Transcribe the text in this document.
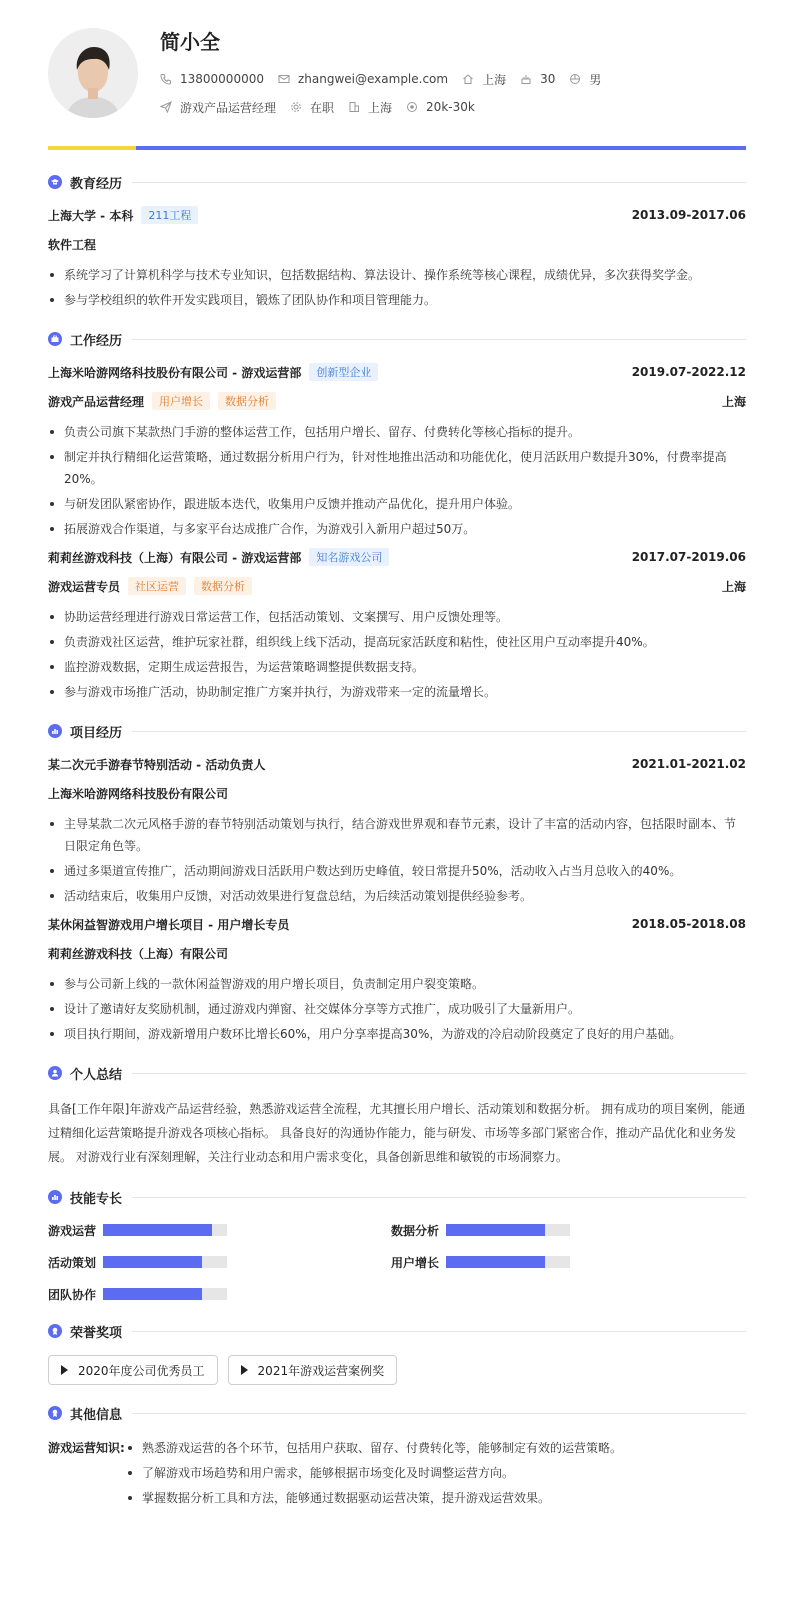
简小全
13800000000	zhangwei@example.com	上海	30	男
游戏产品运营经理	在职	上海	20k-30k
教育经历
上海大学 - 本科	211工程	2013.09-2017.06
软件工程
系统学习了计算机科学与技术专业知识，包括数据结构、算法设计、操作系统等核心课程，成绩优异，多次获得奖学金。
参与学校组织的软件开发实践项目，锻炼了团队协作和项目管理能力。
工作经历
上海米哈游网络科技股份有限公司 - 游戏运营部	创新型企业	2019.07-2022.12
游戏产品运营经理	用户增长	数据分析	上海
负责公司旗下某款热门手游的整体运营工作，包括用户增长、留存、付费转化等核心指标的提升。
制定并执行精细化运营策略，通过数据分析用户行为，针对性地推出活动和功能优化，使月活跃用户数提升30%，付费率提高20%。
与研发团队紧密协作，跟进版本迭代，收集用户反馈并推动产品优化，提升用户体验。
拓展游戏合作渠道，与多家平台达成推广合作，为游戏引入新用户超过50万。
莉莉丝游戏科技（上海）有限公司 - 游戏运营部	知名游戏公司	2017.07-2019.06
游戏运营专员	社区运营	数据分析	上海
协助运营经理进行游戏日常运营工作，包括活动策划、文案撰写、用户反馈处理等。
负责游戏社区运营，维护玩家社群，组织线上线下活动，提高玩家活跃度和粘性，使社区用户互动率提升40%。
监控游戏数据，定期生成运营报告，为运营策略调整提供数据支持。
参与游戏市场推广活动，协助制定推广方案并执行，为游戏带来一定的流量增长。
项目经历
某二次元手游春节特别活动 - 活动负责人	2021.01-2021.02
上海米哈游网络科技股份有限公司
主导某款二次元风格手游的春节特别活动策划与执行，结合游戏世界观和春节元素，设计了丰富的活动内容，包括限时副本、节日限定角色等。
通过多渠道宣传推广，活动期间游戏日活跃用户数达到历史峰值，较日常提升50%，活动收入占当月总收入的40%。
活动结束后，收集用户反馈，对活动效果进行复盘总结，为后续活动策划提供经验参考。
某休闲益智游戏用户增长项目 - 用户增长专员	2018.05-2018.08
莉莉丝游戏科技（上海）有限公司
参与公司新上线的一款休闲益智游戏的用户增长项目，负责制定用户裂变策略。
设计了邀请好友奖励机制，通过游戏内弹窗、社交媒体分享等方式推广，成功吸引了大量新用户。
项目执行期间，游戏新增用户数环比增长60%，用户分享率提高30%，为游戏的冷启动阶段奠定了良好的用户基础。
个人总结
具备[工作年限]年游戏产品运营经验，熟悉游戏运营全流程，尤其擅长用户增长、活动策划和数据分析。 拥有成功的项目案例，能通过精细化运营策略提升游戏各项核心指标。 具备良好的沟通协作能力，能与研发、市场等多部门紧密合作，推动产品优化和业务发展。 对游戏行业有深刻理解，关注行业动态和用户需求变化，具备创新思维和敏锐的市场洞察力。
技能专长
游戏运营	数据分析
活动策划	用户增长
团队协作
荣誉奖项
2020年度公司优秀员工	2021年游戏运营案例奖
其他信息
游戏运营知识:	熟悉游戏运营的各个环节，包括用户获取、留存、付费转化等，能够制定有效的运营策略。
了解游戏市场趋势和用户需求，能够根据市场变化及时调整运营方向。
掌握数据分析工具和方法，能够通过数据驱动运营决策，提升游戏运营效果。
